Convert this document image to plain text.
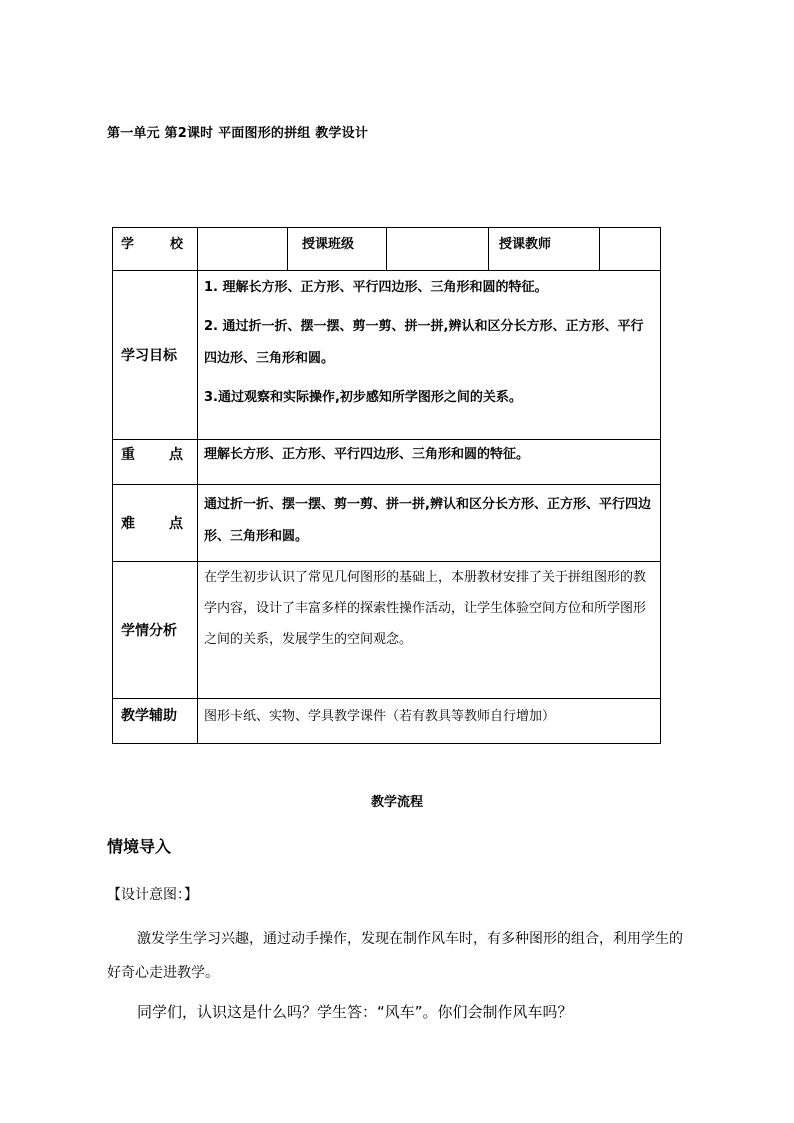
第一单元 第2课时 平面图形的拼组 教学设计
学 校		授课班级		授课教师

学习目标	1. 理解长方形、正方形、平行四边形、三角形和圆的特征。

2. 通过折一折、摆一摆、剪一剪、拼一拼,辨认和区分长方形、正方形、平行四边形、三角形和圆。

3.通过观察和实际操作,初步感知所学图形之间的关系。			

重 点	理解长方形、正方形、平行四边形、三角形和圆的特征。			

难 点	通过折一折、摆一摆、剪一剪、拼一拼,辨认和区分长方形、正方形、平行四边形、三角形和圆。			

学情分析	在学生初步认识了常见几何图形的基础上，本册教材安排了关于拼组图形的教学内容，设计了丰富多样的探索性操作活动，让学生体验空间方位和所学图形之间的关系，发展学生的空间观念。			

教学辅助	图形卡纸、实物、学具教学课件（若有教具等教师自行增加）			
教学流程
情境导入
【设计意图：】
激发学生学习兴趣，通过动手操作，发现在制作风车时，有多种图形的组合，利用学生的好奇心走进教学。
同学们，认识这是什么吗？学生答：“风车”。你们会制作风车吗？
